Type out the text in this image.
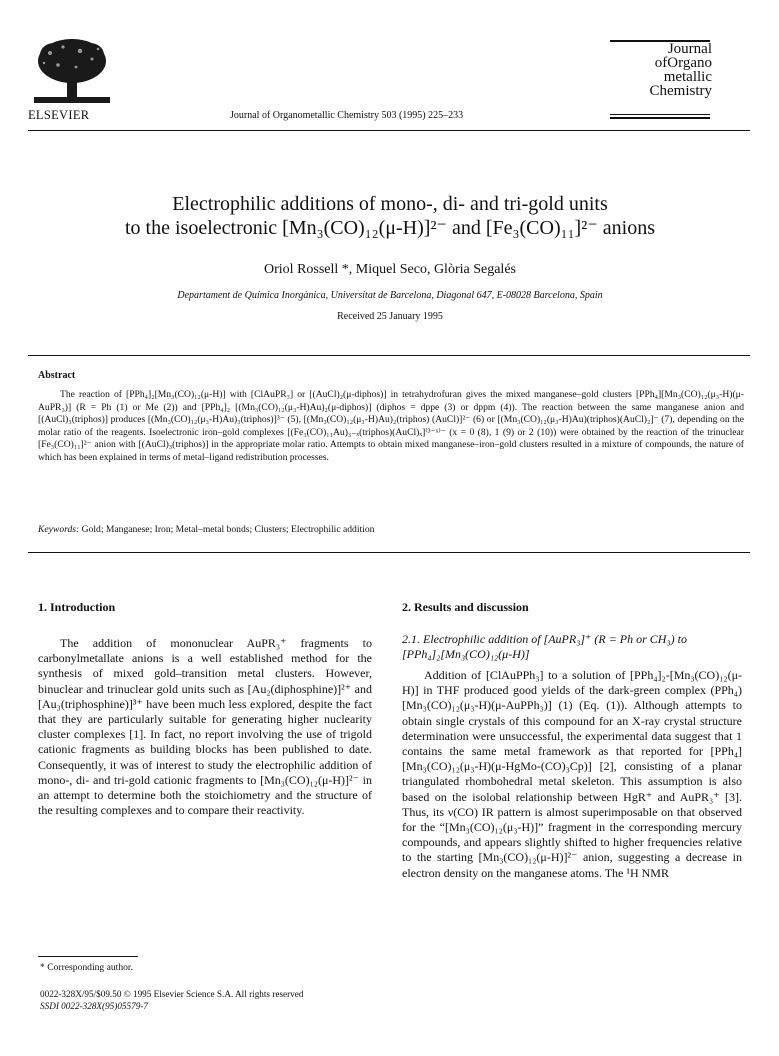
ELSEVIER	Journal of Organometallic Chemistry 503 (1995) 225–233
Journal
ofOrgano
metallic
Chemistry
Electrophilic additions of mono-, di- and tri-gold units
to the isoelectronic [Mn₃(CO)₁₂(μ-H)]²⁻ and [Fe₃(CO)₁₁]²⁻ anions
Oriol Rossell *, Miquel Seco, Glòria Segalés
Departament de Química Inorgànica, Universitat de Barcelona, Diagonal 647, E-08028 Barcelona, Spain
Received 25 January 1995
Abstract

The reaction of [PPh₄]₂[Mn₃(CO)₁₂(μ-H)] with [ClAuPR₃] or [(AuCl)₂(μ-diphos)] in tetrahydrofuran gives the mixed manganese–gold clusters [PPh₄][Mn₃(CO)₁₂(μ₃-H)(μ-AuPR₃)] (R = Ph (1) or Me (2)) and [PPh₄]₂ [(Mn₃(CO)₁₂(μ₃-H)Au)₂(μ-diphos)] (diphos = dppe (3) or dppm (4)). The reaction between the same manganese anion and [(AuCl)₃(triphos)] produces [(Mn₃(CO)₁₂(μ₃-H)Au)₃(triphos)]³⁻ (5), [(Mn₃(CO)₁₂(μ₃-H)Au)₂(triphos) (AuCl)]²⁻ (6) or [(Mn₃(CO)₁₂(μ₃-H)Au)(triphos)(AuCl)₂]⁻ (7), depending on the molar ratio of the reagents. Isoelectronic iron–gold complexes [(Fe₃(CO)₁₁Au)₃₋ₓ(triphos)(AuCl)ₓ]⁽³⁻ˣ⁾⁻ (x = 0 (8), 1 (9) or 2 (10)) were obtained by the reaction of the trinuclear [Fe₃(CO)₁₁]²⁻ anion with [(AuCl)₃(triphos)] in the appropriate molar ratio. Attempts to obtain mixed manganese–iron–gold clusters resulted in a mixture of compounds, the nature of which has been explained in terms of metal–ligand redistribution processes.

Keywords: Gold; Manganese; Iron; Metal–metal bonds; Clusters; Electrophilic addition
1. Introduction	2. Results and discussion

The addition of mononuclear AuPR₃⁺ fragments to carbonylmetallate anions is a well established method for the synthesis of mixed gold–transition metal clusters. However, binuclear and trinuclear gold units such as [Au₂(diphosphine)]²⁺ and [Au₃(triphosphine)]³⁺ have been much less explored, despite the fact that they are particularly suitable for generating higher nuclearity cluster complexes [1]. In fact, no report involving the use of trigold cationic fragments as building blocks has been published to date. Consequently, it was of interest to study the electrophilic addition of mono-, di- and tri-gold cationic fragments to [Mn₃(CO)₁₂(μ-H)]²⁻ in an attempt to determine both the stoichiometry and the structure of the resulting complexes and to compare their reactivity.

2.1. Electrophilic addition of [AuPR₃]⁺ (R = Ph or CH₃) to [PPh₄]₂[Mn₃(CO)₁₂(μ-H)]

Addition of [ClAuPPh₃] to a solution of [PPh₄]₂-[Mn₃(CO)₁₂(μ-H)] in THF produced good yields of the dark-green complex (PPh₄)[Mn₃(CO)₁₂(μ₃-H)(μ-AuPPh₃)] (1) (Eq. (1)). Although attempts to obtain single crystals of this compound for an X-ray crystal structure determination were unsuccessful, the experimental data suggest that 1 contains the same metal framework as that reported for [PPh₄][Mn₃(CO)₁₂(μ₃-H)(μ-HgMo-(CO)₃Cp)] [2], consisting of a planar triangulated rhombohedral metal skeleton. This assumption is also based on the isolobal relationship between HgR⁺ and AuPR₃⁺ [3]. Thus, its ν(CO) IR pattern is almost superimposable on that observed for the “[Mn₃(CO)₁₂(μ₃-H)]” fragment in the corresponding mercury compounds, and appears slightly shifted to higher frequencies relative to the starting [Mn₃(CO)₁₂(μ-H)]²⁻ anion, suggesting a decrease in electron density on the manganese atoms. The ¹H NMR

* Corresponding author.
0022-328X/95/$09.50 © 1995 Elsevier Science S.A. All rights reserved
SSDI 0022-328X(95)05579-7
